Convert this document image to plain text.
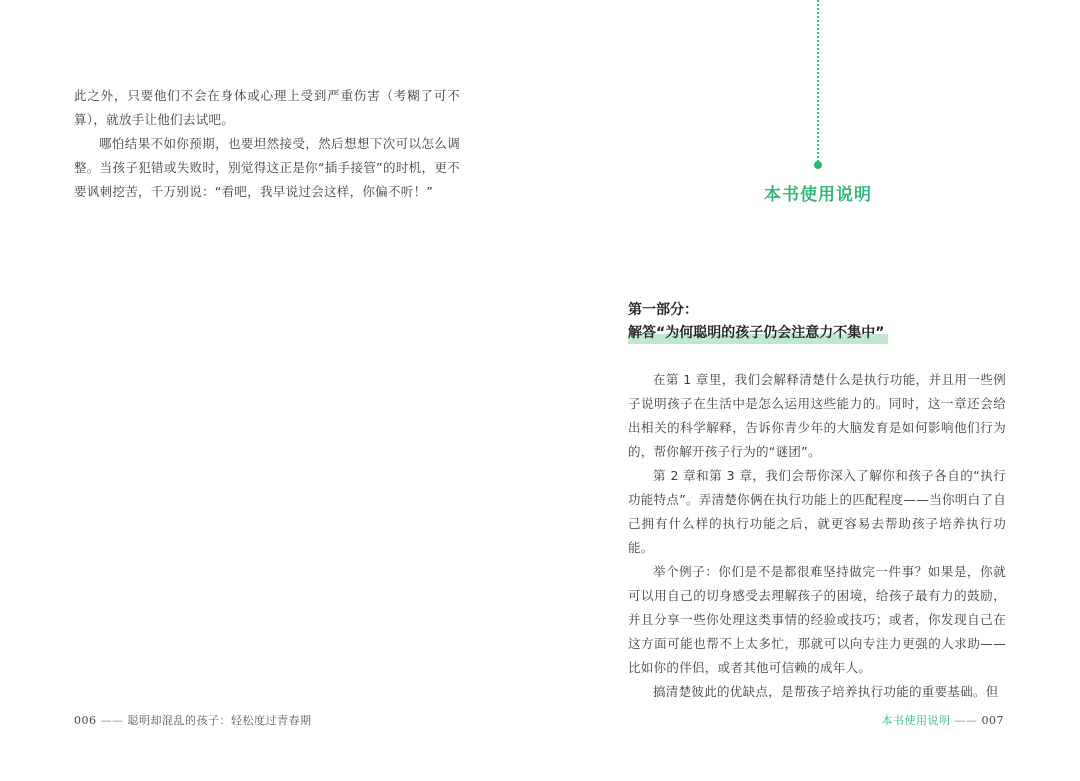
此之外，只要他们不会在身体或心理上受到严重伤害（考糊了可不算），就放手让他们去试吧。

哪怕结果不如你预期，也要坦然接受，然后想想下次可以怎么调整。当孩子犯错或失败时，别觉得这正是你“插手接管”的时机，更不要讽刺挖苦，千万别说：“看吧，我早说过会这样，你偏不听！”

006 —— 聪明却混乱的孩子：轻松度过青春期
本书使用说明
第一部分：
解答“为何聪明的孩子仍会注意力不集中”

在第 1 章里，我们会解释清楚什么是执行功能，并且用一些例子说明孩子在生活中是怎么运用这些能力的。同时，这一章还会给出相关的科学解释，告诉你青少年的大脑发育是如何影响他们行为的，帮你解开孩子行为的“谜团”。

第 2 章和第 3 章，我们会帮你深入了解你和孩子各自的“执行功能特点”。弄清楚你俩在执行功能上的匹配程度——当你明白了自己拥有什么样的执行功能之后，就更容易去帮助孩子培养执行功能。

举个例子：你们是不是都很难坚持做完一件事？如果是，你就可以用自己的切身感受去理解孩子的困境，给孩子最有力的鼓励，并且分享一些你处理这类事情的经验或技巧；或者，你发现自己在这方面可能也帮不上太多忙，那就可以向专注力更强的人求助——比如你的伴侣，或者其他可信赖的成年人。

搞清楚彼此的优缺点，是帮孩子培养执行功能的重要基础。但

本书使用说明 —— 007
